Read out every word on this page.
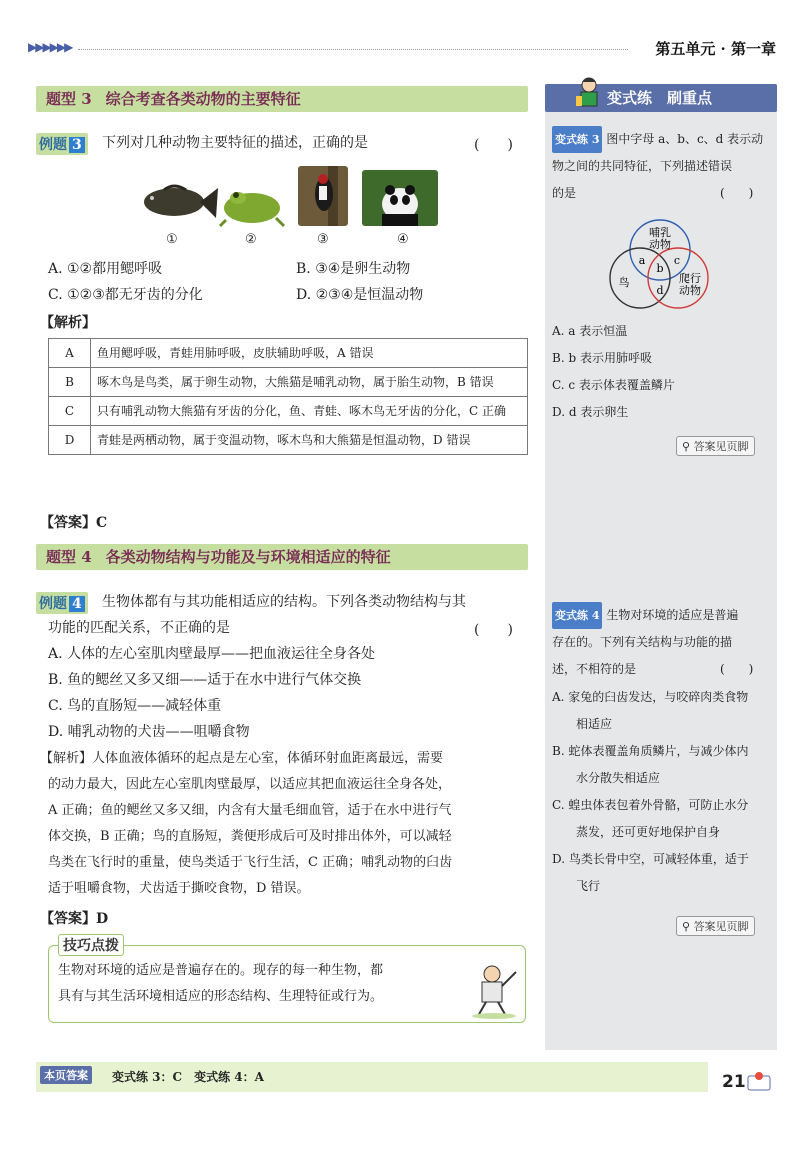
▶▶▶▶▶▶	第五单元 · 第一章
题型 3 综合考查各类动物的主要特征
例题 3	下列对几种动物主要特征的描述，正确的是	(　　)
①	②	③	④
A. ①②都用鳃呼吸	B. ③④是卵生动物
C. ①②③都无牙齿的分化	D. ②③④是恒温动物
【解析】
A	鱼用鳃呼吸，青蛙用肺呼吸，皮肤辅助呼吸，A 错误
B	啄木鸟是鸟类，属于卵生动物，大熊猫是哺乳动物，属于胎生动物，B 错误
C	只有哺乳动物大熊猫有牙齿的分化，鱼、青蛙、啄木鸟无牙齿的分化，C 正确
D	青蛙是两栖动物，属于变温动物，啄木鸟和大熊猫是恒温动物，D 错误
【答案】C
题型 4 各类动物结构与功能及与环境相适应的特征
例题 4	生物体都有与其功能相适应的结构。下列各类动物结构与其
功能的匹配关系，不正确的是	(　　)
A. 人体的左心室肌肉壁最厚——把血液运往全身各处
B. 鱼的鳃丝又多又细——适于在水中进行气体交换
C. 鸟的直肠短——减轻体重
D. 哺乳动物的犬齿——咀嚼食物
【解析】人体血液体循环的起点是左心室，体循环射血距离最远，需要
的动力最大，因此左心室肌肉壁最厚，以适应其把血液运往全身各处，
A 正确；鱼的鳃丝又多又细，内含有大量毛细血管，适于在水中进行气
体交换，B 正确；鸟的直肠短，粪便形成后可及时排出体外，可以减轻
鸟类在飞行时的重量，使鸟类适于飞行生活，C 正确；哺乳动物的臼齿
适于咀嚼食物，犬齿适于撕咬食物，D 错误。
【答案】D
技巧点拨
生物对环境的适应是普遍存在的。现存的每一种生物，都
具有与其生活环境相适应的形态结构、生理特征或行为。
变式练　刷重点
变式练 3 图中字母 a、b、c、d 表示动
物之间的共同特征，下列描述错误
的是	(　　)
哺乳
动物
鸟	爬行
动物
a
b
c
d
A. a 表示恒温
B. b 表示用肺呼吸
C. c 表示体表覆盖鳞片
D. d 表示卵生
⚲ 答案见页脚
变式练 4 生物对环境的适应是普遍
存在的。下列有关结构与功能的描
述，不相符的是	(　　)
A. 家兔的臼齿发达，与咬碎肉类食物
　　相适应
B. 蛇体表覆盖角质鳞片，与减少体内
　　水分散失相适应
C. 蝗虫体表包着外骨骼，可防止水分
　　蒸发，还可更好地保护自身
D. 鸟类长骨中空，可减轻体重，适于
　　飞行
⚲ 答案见页脚
本页答案	变式练 3：C　变式练 4：A	21
